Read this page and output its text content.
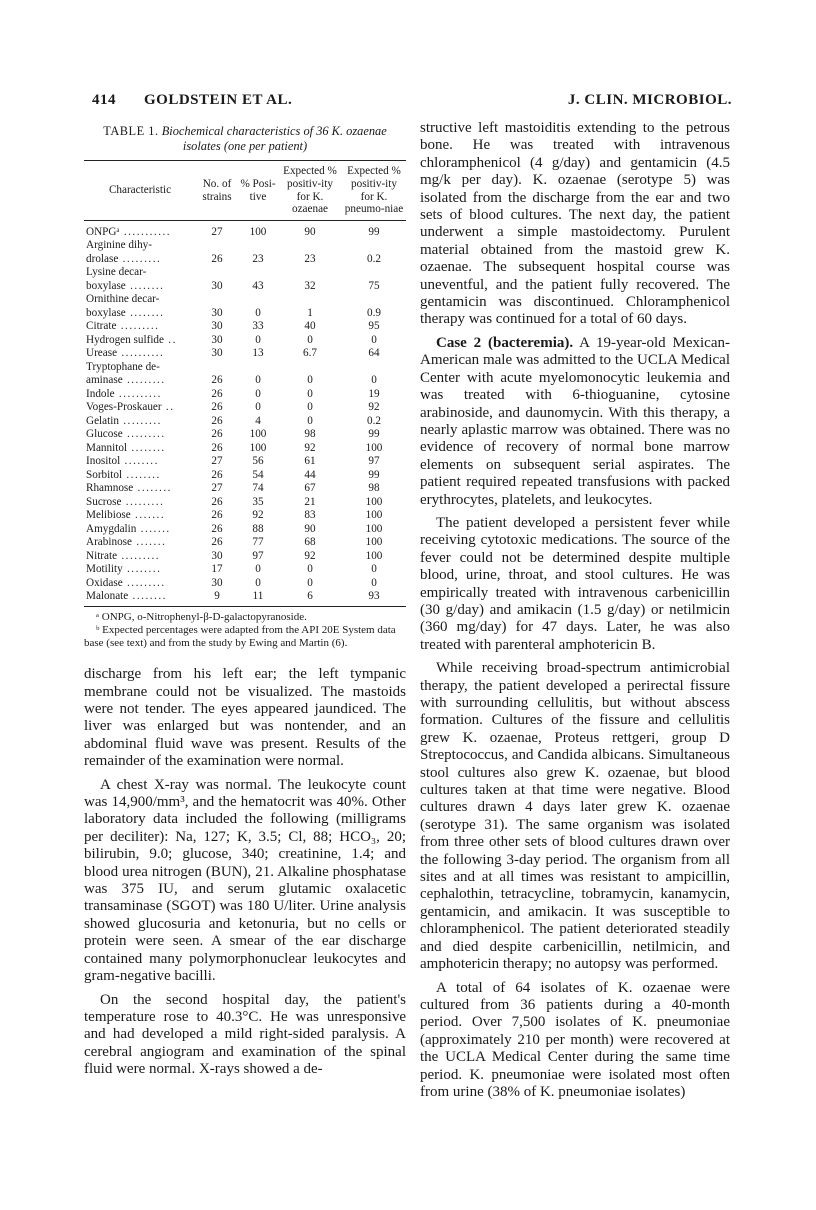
414 GOLDSTEIN ET AL.	J. CLIN. MICROBIOL.
TABLE 1. Biochemical characteristics of 36 K. ozaenae isolates (one per patient)
Characteristic	No. of strains	% Posi-tive	Expected % positiv-ity for K. ozaenae	Expected % positiv-ity for K. pneumo-niae
ONPGᵃ ...........	27	100	90	99
Arginine dihy-				
drolase .........	26	23	23	0.2
Lysine decar-				
boxylase ........	30	43	32	75
Ornithine decar-				
boxylase ........	30	0	1	0.9
Citrate .........	30	33	40	95
Hydrogen sulfide ..	30	0	0	0
Urease ..........	30	13	6.7	64
Tryptophane de-				
aminase .........	26	0	0	0
Indole ..........	26	0	0	19
Voges-Proskauer ..	26	0	0	92
Gelatin .........	26	4	0	0.2
Glucose .........	26	100	98	99
Mannitol ........	26	100	92	100
Inositol ........	27	56	61	97
Sorbitol ........	26	54	44	99
Rhamnose ........	27	74	67	98
Sucrose .........	26	35	21	100
Melibiose .......	26	92	83	100
Amygdalin .......	26	88	90	100
Arabinose .......	26	77	68	100
Nitrate .........	30	97	92	100
Motility ........	17	0	0	0
Oxidase .........	30	0	0	0
Malonate ........	9	11	6	93

ᵃ ONPG, o-Nitrophenyl-β-D-galactopyranoside.

ᵇ Expected percentages were adapted from the API 20E System data base (see text) and from the study by Ewing and Martin (6).

discharge from his left ear; the left tympanic membrane could not be visualized. The mastoids were not tender. The eyes appeared jaundiced. The liver was enlarged but was nontender, and an abdominal fluid wave was present. Results of the remainder of the examination were normal.

A chest X-ray was normal. The leukocyte count was 14,900/mm³, and the hematocrit was 40%. Other laboratory data included the following (milligrams per deciliter): Na, 127; K, 3.5; Cl, 88; HCO₃, 20; bilirubin, 9.0; glucose, 340; creatinine, 1.4; and blood urea nitrogen (BUN), 21. Alkaline phosphatase was 375 IU, and serum glutamic oxalacetic transaminase (SGOT) was 180 U/liter. Urine analysis showed glucosuria and ketonuria, but no cells or protein were seen. A smear of the ear discharge contained many polymorphonuclear leukocytes and gram-negative bacilli.

On the second hospital day, the patient's temperature rose to 40.3°C. He was unresponsive and had developed a mild right-sided paralysis. A cerebral angiogram and examination of the spinal fluid were normal. X-rays showed a de-

structive left mastoiditis extending to the petrous bone. He was treated with intravenous chloramphenicol (4 g/day) and gentamicin (4.5 mg/k per day). K. ozaenae (serotype 5) was isolated from the discharge from the ear and two sets of blood cultures. The next day, the patient underwent a simple mastoidectomy. Purulent material obtained from the mastoid grew K. ozaenae. The subsequent hospital course was uneventful, and the patient fully recovered. The gentamicin was discontinued. Chloramphenicol therapy was continued for a total of 60 days.

Case 2 (bacteremia). A 19-year-old Mexican-American male was admitted to the UCLA Medical Center with acute myelomonocytic leukemia and was treated with 6-thioguanine, cytosine arabinoside, and daunomycin. With this therapy, a nearly aplastic marrow was obtained. There was no evidence of recovery of normal bone marrow elements on subsequent serial aspirates. The patient required repeated transfusions with packed erythrocytes, platelets, and leukocytes.

The patient developed a persistent fever while receiving cytotoxic medications. The source of the fever could not be determined despite multiple blood, urine, throat, and stool cultures. He was empirically treated with intravenous carbenicillin (30 g/day) and amikacin (1.5 g/day) or netilmicin (360 mg/day) for 47 days. Later, he was also treated with parenteral amphotericin B.

While receiving broad-spectrum antimicrobial therapy, the patient developed a perirectal fissure with surrounding cellulitis, but without abscess formation. Cultures of the fissure and cellulitis grew K. ozaenae, Proteus rettgeri, group D Streptococcus, and Candida albicans. Simultaneous stool cultures also grew K. ozaenae, but blood cultures taken at that time were negative. Blood cultures drawn 4 days later grew K. ozaenae (serotype 31). The same organism was isolated from three other sets of blood cultures drawn over the following 3-day period. The organism from all sites and at all times was resistant to ampicillin, cephalothin, tetracycline, tobramycin, kanamycin, gentamicin, and amikacin. It was susceptible to chloramphenicol. The patient deteriorated steadily and died despite carbenicillin, netilmicin, and amphotericin therapy; no autopsy was performed.

A total of 64 isolates of K. ozaenae were cultured from 36 patients during a 40-month period. Over 7,500 isolates of K. pneumoniae (approximately 210 per month) were recovered at the UCLA Medical Center during the same time period. K. pneumoniae were isolated most often from urine (38% of K. pneumoniae isolates)
